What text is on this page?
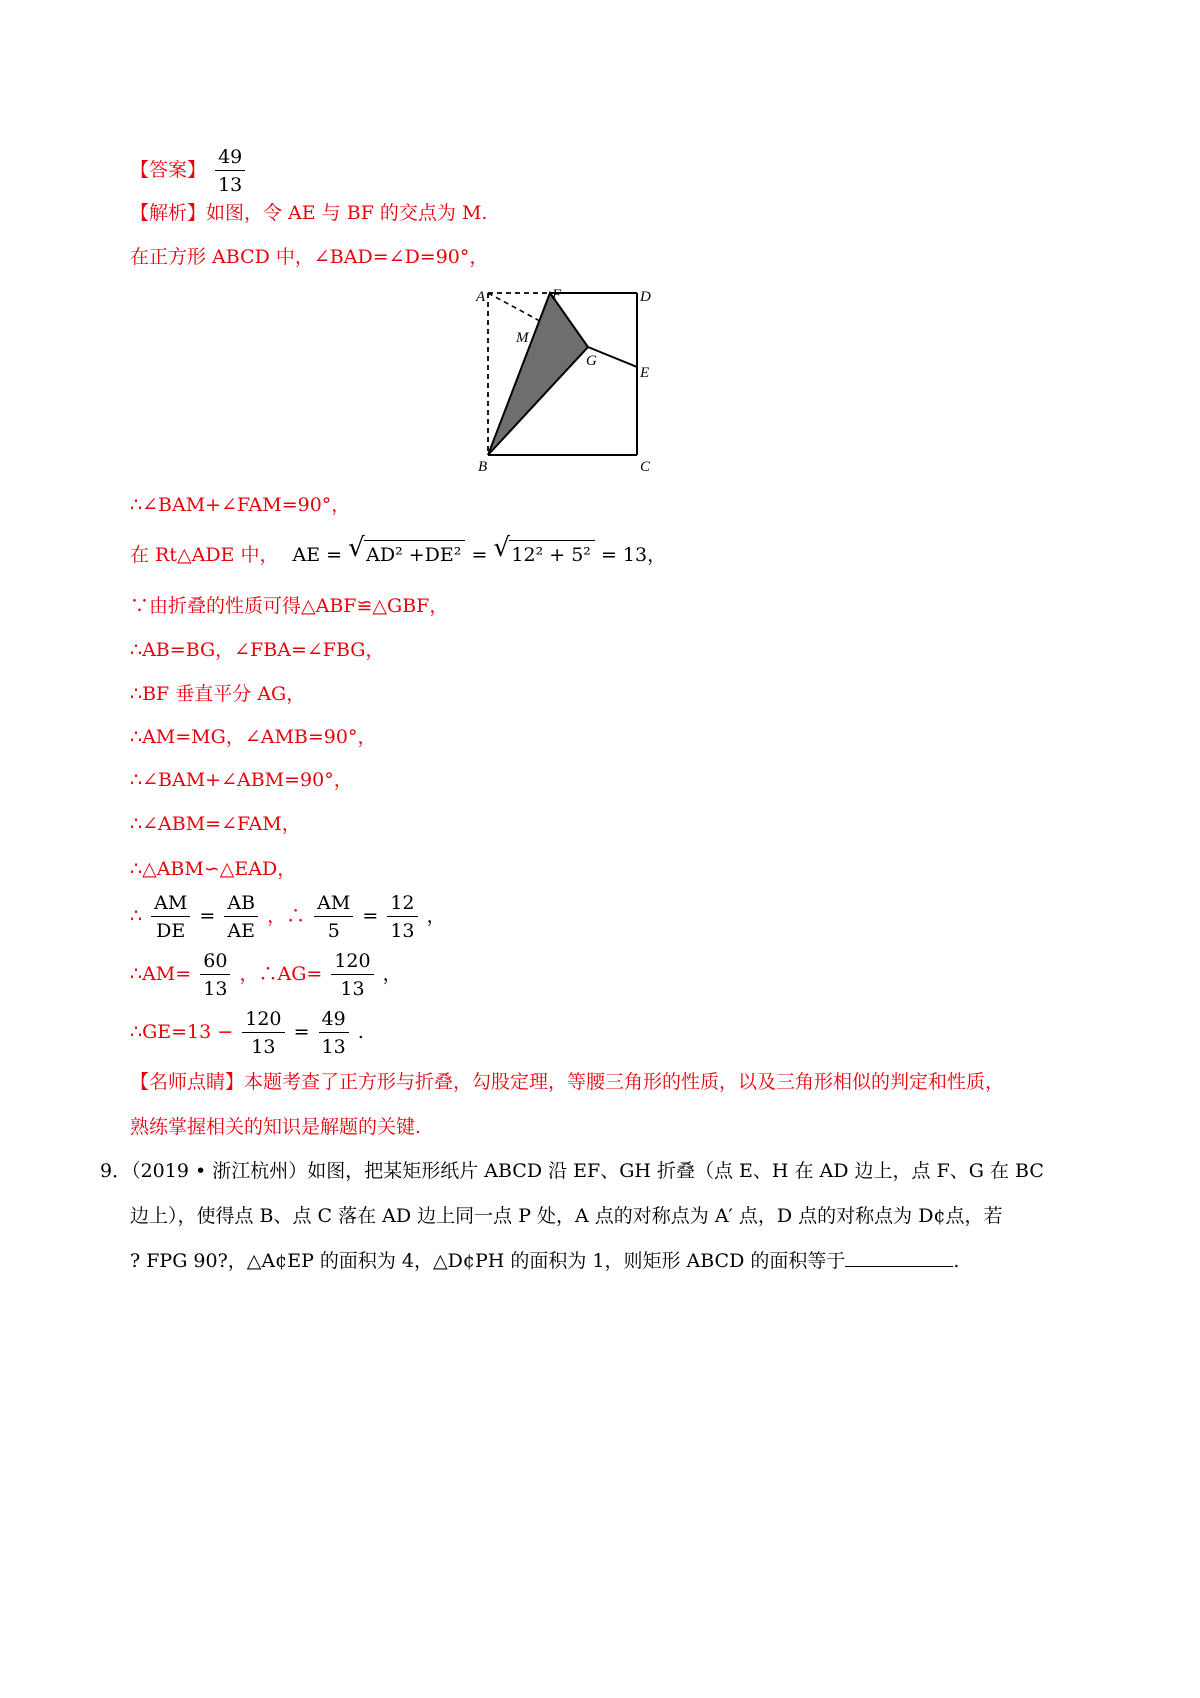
【答案】 $\frac{49}{13}$
【解析】如图，令 AE 与 BF 的交点为 M.
在正方形 ABCD 中，∠BAD=∠D=90°，
A	F	D
M
G
E
B	C
∴∠BAM+∠FAM=90°，
在 Rt△ADE 中， AE = √ AD² +DE² = √ 12² + 5² = 13，
∵由折叠的性质可得△ABF≌△GBF，
∴AB=BG，∠FBA=∠FBG，
∴BF 垂直平分 AG，
∴AM=MG，∠AMB=90°，
∴∠BAM+∠ABM=90°，
∴∠ABM=∠FAM，
∴△ABM∽△EAD，
∴ $\frac{AM}{DE} = \frac{AB}{AE}$ ，∴ $\frac{AM}{5} = \frac{12}{13}$ ，
∴AM= $\frac{60}{13}$ ，∴AG= $\frac{120}{13}$ ，
∴GE=13 − $\frac{120}{13} = \frac{49}{13}$ .
【名师点睛】本题考查了正方形与折叠，勾股定理，等腰三角形的性质，以及三角形相似的判定和性质，
熟练掌握相关的知识是解题的关键.
9．（2019 • 浙江杭州）如图，把某矩形纸片 ABCD 沿 EF、GH 折叠（点 E、H 在 AD 边上，点 F、G 在 BC
边上），使得点 B、点 C 落在 AD 边上同一点 P 处，A 点的对称点为 A′ 点，D 点的对称点为 D¢点，若
? FPG 90?，△A¢EP 的面积为 4，△D¢PH 的面积为 1，则矩形 ABCD 的面积等于	.
